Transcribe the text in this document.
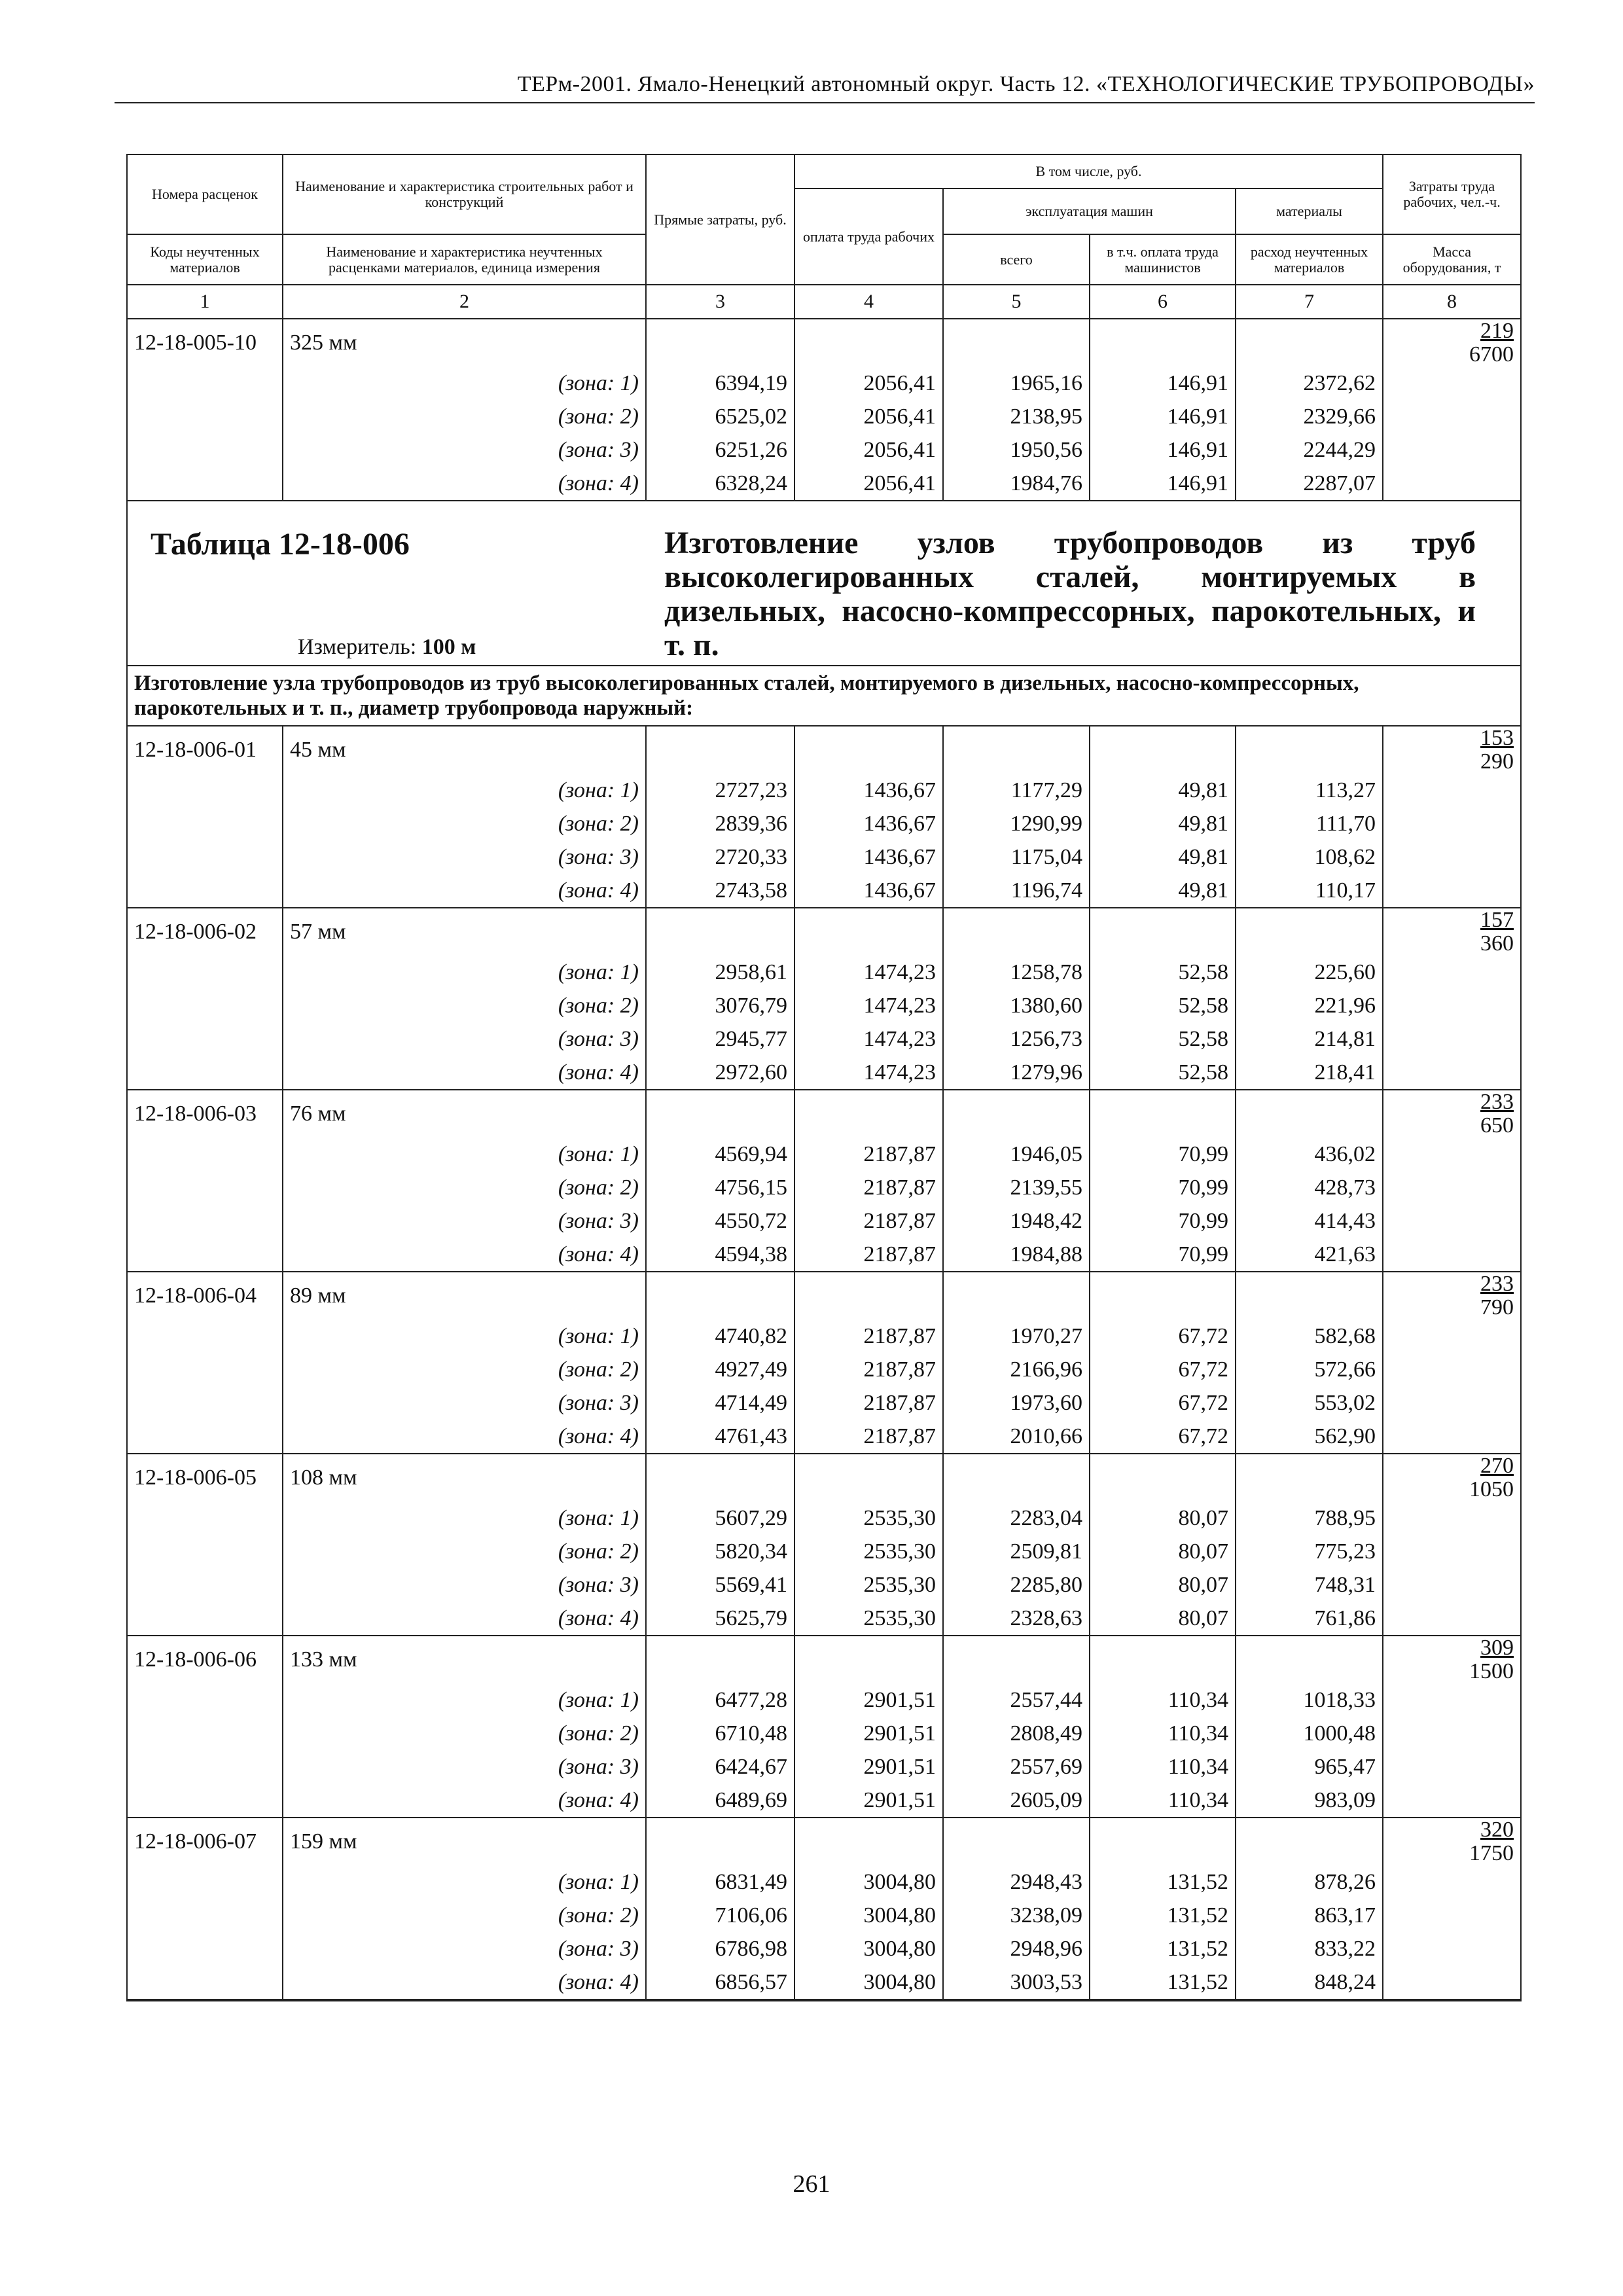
ТЕРм-2001. Ямало-Ненецкий автономный округ. Часть 12. «ТЕХНОЛОГИЧЕСКИЕ ТРУБОПРОВОДЫ»
Номера расценок	Наименование и характеристика строительных работ и конструкций	Прямые затраты, руб.	В том числе, руб.				Затраты труда рабочих, чел.-ч.
			оплата труда рабочих	эксплуатация машин		материалы	
Коды неучтенных материалов	Наименование и характеристика неучтенных расценками материалов, единица измерения			всего	в т.ч. оплата труда машинистов	расход неучтенных материалов	Масса оборудования, т
1	2	3	4	5	6	7	8
12-18-005-10	325 мм						219
6700

	(зона: 1)	6394,19	2056,41	1965,16	146,91	2372,62	
	(зона: 2)	6525,02	2056,41	2138,95	146,91	2329,66	
	(зона: 3)	6251,26	2056,41	1950,56	146,91	2244,29	
	(зона: 4)	6328,24	2056,41	1984,76	146,91	2287,07	

Таблица 12-18-006 Изготовление узлов трубопроводов из труб высоколегированных сталей, монтируемых в дизельных, насосно-компрессорных, парокотельных, и т. п.
Измеритель: 100 м							

Изготовление узла трубопроводов из труб высоколегированных сталей, монтируемого в дизельных, насосно-компрессорных, парокотельных и т. п., диаметр трубопровода наружный:							
12-18-006-01	45 мм						153
290

	(зона: 1)	2727,23	1436,67	1177,29	49,81	113,27	
	(зона: 2)	2839,36	1436,67	1290,99	49,81	111,70	
	(зона: 3)	2720,33	1436,67	1175,04	49,81	108,62	
	(зона: 4)	2743,58	1436,67	1196,74	49,81	110,17	
12-18-006-02	57 мм						157
360

	(зона: 1)	2958,61	1474,23	1258,78	52,58	225,60	
	(зона: 2)	3076,79	1474,23	1380,60	52,58	221,96	
	(зона: 3)	2945,77	1474,23	1256,73	52,58	214,81	
	(зона: 4)	2972,60	1474,23	1279,96	52,58	218,41	
12-18-006-03	76 мм						233
650

	(зона: 1)	4569,94	2187,87	1946,05	70,99	436,02	
	(зона: 2)	4756,15	2187,87	2139,55	70,99	428,73	
	(зона: 3)	4550,72	2187,87	1948,42	70,99	414,43	
	(зона: 4)	4594,38	2187,87	1984,88	70,99	421,63	
12-18-006-04	89 мм						233
790

	(зона: 1)	4740,82	2187,87	1970,27	67,72	582,68	
	(зона: 2)	4927,49	2187,87	2166,96	67,72	572,66	
	(зона: 3)	4714,49	2187,87	1973,60	67,72	553,02	
	(зона: 4)	4761,43	2187,87	2010,66	67,72	562,90	
12-18-006-05	108 мм						270
1050

	(зона: 1)	5607,29	2535,30	2283,04	80,07	788,95	
	(зона: 2)	5820,34	2535,30	2509,81	80,07	775,23	
	(зона: 3)	5569,41	2535,30	2285,80	80,07	748,31	
	(зона: 4)	5625,79	2535,30	2328,63	80,07	761,86	
12-18-006-06	133 мм						309
1500

	(зона: 1)	6477,28	2901,51	2557,44	110,34	1018,33	
	(зона: 2)	6710,48	2901,51	2808,49	110,34	1000,48	
	(зона: 3)	6424,67	2901,51	2557,69	110,34	965,47	
	(зона: 4)	6489,69	2901,51	2605,09	110,34	983,09	
12-18-006-07	159 мм						320
1750

	(зона: 1)	6831,49	3004,80	2948,43	131,52	878,26	
	(зона: 2)	7106,06	3004,80	3238,09	131,52	863,17	
	(зона: 3)	6786,98	3004,80	2948,96	131,52	833,22	
	(зона: 4)	6856,57	3004,80	3003,53	131,52	848,24	
261
